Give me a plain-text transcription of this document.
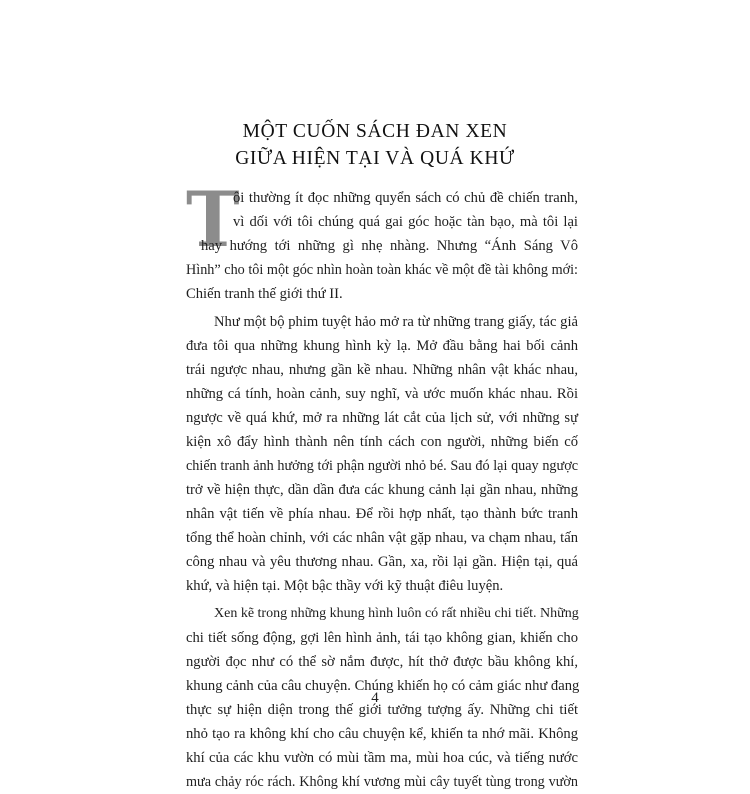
MỘT CUỐN SÁCH ĐAN XEN
GIỮA HIỆN TẠI VÀ QUÁ KHỨ
T
ôi thường ít đọc những quyển sách có chủ đề chiến tranh,
vì dối với tôi chúng quá gai góc hoặc tàn bạo, mà tôi lại
hay hướng tới những gì nhẹ nhàng. Nhưng “Ánh Sáng Vô
Hình” cho tôi một góc nhìn hoàn toàn khác về một đề tài không mới:
Chiến tranh thế giới thứ II.
Như một bộ phim tuyệt hảo mở ra từ những trang giấy, tác giả
đưa tôi qua những khung hình kỳ lạ. Mở đầu bằng hai bối cảnh
trái ngược nhau, nhưng gần kề nhau. Những nhân vật khác nhau,
những cá tính, hoàn cảnh, suy nghĩ, và ước muốn khác nhau. Rồi
ngược về quá khứ, mở ra những lát cắt của lịch sử, với những sự
kiện xô đẩy hình thành nên tính cách con người, những biến cố
chiến tranh ảnh hưởng tới phận người nhỏ bé. Sau đó lại quay ngược
trở về hiện thực, dần dần đưa các khung cảnh lại gần nhau, những
nhân vật tiến về phía nhau. Để rồi hợp nhất, tạo thành bức tranh
tổng thể hoàn chỉnh, với các nhân vật gặp nhau, va chạm nhau, tấn
công nhau và yêu thương nhau. Gần, xa, rồi lại gần. Hiện tại, quá
khứ, và hiện tại. Một bậc thầy với kỹ thuật điêu luyện.
Xen kẽ trong những khung hình luôn có rất nhiều chi tiết. Những
chi tiết sống động, gợi lên hình ảnh, tái tạo không gian, khiến cho
người đọc như có thể sờ nắm được, hít thở được bầu không khí,
khung cảnh của câu chuyện. Chúng khiến họ có cảm giác như đang
thực sự hiện diện trong thế giới tưởng tượng ấy. Những chi tiết
nhỏ tạo ra không khí cho câu chuyện kể, khiến ta nhớ mãi. Không
khí của các khu vườn có mùi tầm ma, mùi hoa cúc, và tiếng nước
mưa chảy róc rách. Không khí vương mùi cây tuyết tùng trong vườn
4
